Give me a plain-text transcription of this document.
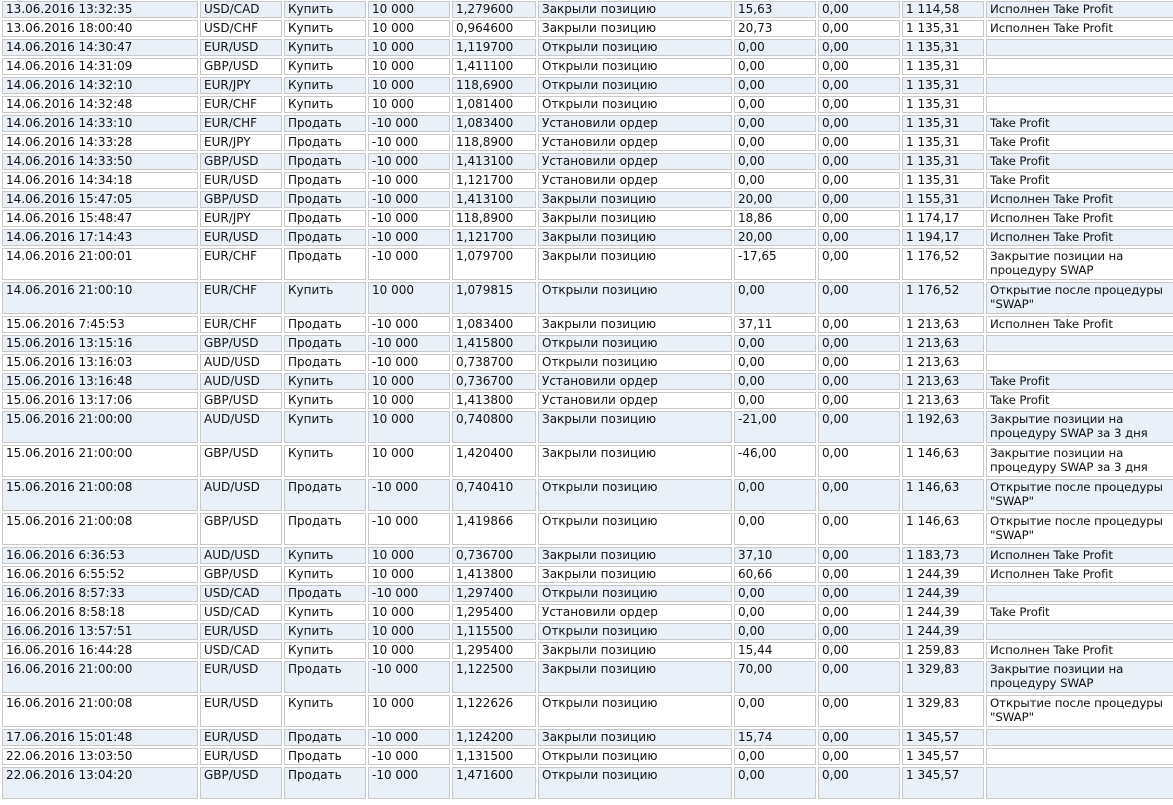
13.06.2016 13:32:35	USD/CAD	Купить	10 000	1,279600	Закрыли позицию	15,63	0,00	1 114,58	Исполнен Take Profit
13.06.2016 18:00:40	USD/CHF	Купить	10 000	0,964600	Закрыли позицию	20,73	0,00	1 135,31	Исполнен Take Profit
14.06.2016 14:30:47	EUR/USD	Купить	10 000	1,119700	Открыли позицию	0,00	0,00	1 135,31	
14.06.2016 14:31:09	GBP/USD	Купить	10 000	1,411100	Открыли позицию	0,00	0,00	1 135,31	
14.06.2016 14:32:10	EUR/JPY	Купить	10 000	118,6900	Открыли позицию	0,00	0,00	1 135,31	
14.06.2016 14:32:48	EUR/CHF	Купить	10 000	1,081400	Открыли позицию	0,00	0,00	1 135,31	
14.06.2016 14:33:10	EUR/CHF	Продать	-10 000	1,083400	Установили ордер	0,00	0,00	1 135,31	Take Profit
14.06.2016 14:33:28	EUR/JPY	Продать	-10 000	118,8900	Установили ордер	0,00	0,00	1 135,31	Take Profit
14.06.2016 14:33:50	GBP/USD	Продать	-10 000	1,413100	Установили ордер	0,00	0,00	1 135,31	Take Profit
14.06.2016 14:34:18	EUR/USD	Продать	-10 000	1,121700	Установили ордер	0,00	0,00	1 135,31	Take Profit
14.06.2016 15:47:05	GBP/USD	Продать	-10 000	1,413100	Закрыли позицию	20,00	0,00	1 155,31	Исполнен Take Profit
14.06.2016 15:48:47	EUR/JPY	Продать	-10 000	118,8900	Закрыли позицию	18,86	0,00	1 174,17	Исполнен Take Profit
14.06.2016 17:14:43	EUR/USD	Продать	-10 000	1,121700	Закрыли позицию	20,00	0,00	1 194,17	Исполнен Take Profit
14.06.2016 21:00:01	EUR/CHF	Продать	-10 000	1,079700	Закрыли позицию	-17,65	0,00	1 176,52	Закрытие позиции на процедуру SWAP
14.06.2016 21:00:10	EUR/CHF	Купить	10 000	1,079815	Открыли позицию	0,00	0,00	1 176,52	Открытие после процедуры "SWAP"
15.06.2016 7:45:53	EUR/CHF	Продать	-10 000	1,083400	Закрыли позицию	37,11	0,00	1 213,63	Исполнен Take Profit
15.06.2016 13:15:16	GBP/USD	Продать	-10 000	1,415800	Открыли позицию	0,00	0,00	1 213,63	
15.06.2016 13:16:03	AUD/USD	Продать	-10 000	0,738700	Открыли позицию	0,00	0,00	1 213,63	
15.06.2016 13:16:48	AUD/USD	Купить	10 000	0,736700	Установили ордер	0,00	0,00	1 213,63	Take Profit
15.06.2016 13:17:06	GBP/USD	Купить	10 000	1,413800	Установили ордер	0,00	0,00	1 213,63	Take Profit
15.06.2016 21:00:00	AUD/USD	Купить	10 000	0,740800	Закрыли позицию	-21,00	0,00	1 192,63	Закрытие позиции на процедуру SWAP за 3 дня
15.06.2016 21:00:00	GBP/USD	Купить	10 000	1,420400	Закрыли позицию	-46,00	0,00	1 146,63	Закрытие позиции на процедуру SWAP за 3 дня
15.06.2016 21:00:08	AUD/USD	Продать	-10 000	0,740410	Открыли позицию	0,00	0,00	1 146,63	Открытие после процедуры "SWAP"
15.06.2016 21:00:08	GBP/USD	Продать	-10 000	1,419866	Открыли позицию	0,00	0,00	1 146,63	Открытие после процедуры "SWAP"
16.06.2016 6:36:53	AUD/USD	Купить	10 000	0,736700	Закрыли позицию	37,10	0,00	1 183,73	Исполнен Take Profit
16.06.2016 6:55:52	GBP/USD	Купить	10 000	1,413800	Закрыли позицию	60,66	0,00	1 244,39	Исполнен Take Profit
16.06.2016 8:57:33	USD/CAD	Продать	-10 000	1,297400	Открыли позицию	0,00	0,00	1 244,39	
16.06.2016 8:58:18	USD/CAD	Купить	10 000	1,295400	Установили ордер	0,00	0,00	1 244,39	Take Profit
16.06.2016 13:57:51	EUR/USD	Купить	10 000	1,115500	Открыли позицию	0,00	0,00	1 244,39	
16.06.2016 16:44:28	USD/CAD	Купить	10 000	1,295400	Закрыли позицию	15,44	0,00	1 259,83	Исполнен Take Profit
16.06.2016 21:00:00	EUR/USD	Продать	-10 000	1,122500	Закрыли позицию	70,00	0,00	1 329,83	Закрытие позиции на процедуру SWAP
16.06.2016 21:00:08	EUR/USD	Купить	10 000	1,122626	Открыли позицию	0,00	0,00	1 329,83	Открытие после процедуры "SWAP"
17.06.2016 15:01:48	EUR/USD	Продать	-10 000	1,124200	Закрыли позицию	15,74	0,00	1 345,57	
22.06.2016 13:03:50	EUR/USD	Продать	-10 000	1,131500	Открыли позицию	0,00	0,00	1 345,57	
22.06.2016 13:04:20	GBP/USD	Продать	-10 000	1,471600	Открыли позицию	0,00	0,00	1 345,57	
